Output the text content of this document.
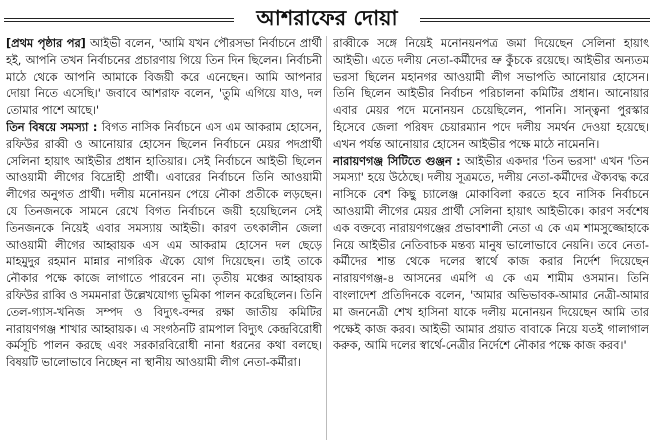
আশরাফের দোয়া

[প্রথম পৃষ্ঠার পর] আইভী বলেন, 'আমি যখন পৌরসভা নির্বাচনে প্রার্থী হই, আপনি তখন নির্বাচনের প্রচারণায় গিয়ে তিন দিন ছিলেন। নির্বাচনী মাঠে থেকে আপনি আমাকে বিজয়ী করে এনেছেন। আমি আপনার দোয়া নিতে এসেছি।' জবাবে আশরাফ বলেন, 'তুমি এগিয়ে যাও, দল তোমার পাশে আছে।'

তিন বিষয়ে সমস্যা : বিগত নাসিক নির্বাচনে এস এম আকরাম হোসেন, রফিউর রাব্বী ও আনোয়ার হোসেন ছিলেন নির্বাচনে মেয়র পদপ্রার্থী সেলিনা হায়াৎ আইভীর প্রধান হাতিয়ার। সেই নির্বাচনে আইভী ছিলেন আওয়ামী লীগের বিদ্রোহী প্রার্থী। এবারের নির্বাচনে তিনি আওয়ামী লীগের অনুগত প্রার্থী। দলীয় মনোনয়ন পেয়ে নৌকা প্রতীকে লড়ছেন। যে তিনজনকে সামনে রেখে বিগত নির্বাচনে জয়ী হয়েছিলেন সেই তিনজনকে নিয়েই এবার সমস্যায় আইভী। কারণ তৎকালীন জেলা আওয়ামী লীগের আহ্বায়ক এস এম আকরাম হোসেন দল ছেড়ে মাহমুদুর রহমান মান্নার নাগরিক ঐক্যে যোগ দিয়েছেন। তাই তাকে নৌকার পক্ষে কাজে লাগাতে পারবেন না। তৃতীয় মঞ্চের আহ্বায়ক রফিউর রাব্বি ও সমমনারা উল্লেখযোগ্য ভূমিকা পালন করেছিলেন। তিনি তেল-গ্যাস-খনিজ সম্পদ ও বিদ্যুৎ-বন্দর রক্ষা জাতীয় কমিটির নারায়ণগঞ্জ শাখার আহ্বায়ক। এ সংগঠনটি রামপাল বিদ্যুৎ কেন্দ্রবিরোধী কর্মসূচি পালন করছে এবং সরকারবিরোধী নানা ধরনের কথা বলছে। বিষয়টি ভালোভাবে নিচ্ছেন না স্থানীয় আওয়ামী লীগ নেতা-কর্মীরা।

রাব্বীকে সঙ্গে নিয়েই মনোনয়নপত্র জমা দিয়েছেন সেলিনা হায়াৎ আইভী। এতে দলীয় নেতা-কর্মীদের ভ্রু কুঁচকে রয়েছে। আইভীর অন্যতম ভরসা ছিলেন মহানগর আওয়ামী লীগ সভাপতি আনোয়ার হোসেন। তিনি ছিলেন আইভীর নির্বাচন পরিচালনা কমিটির প্রধান। আনোয়ার এবার মেয়র পদে মনোনয়ন চেয়েছিলেন, পাননি। সান্ত্বনা পুরস্কার হিসেবে জেলা পরিষদ চেয়ারম্যান পদে দলীয় সমর্থন দেওয়া হয়েছে। এখন পর্যন্ত আনোয়ার হোসেন আইভীর পক্ষে মাঠে নামেননি।

নারায়ণগঞ্জ সিটিতে গুঞ্জন : আইভীর একদার 'তিন ভরসা' এখন 'তিন সমস্যা' হয়ে উঠেছে। দলীয় সূত্রমতে, দলীয় নেতা-কর্মীদের ঐক্যবদ্ধ করে নাসিকে বেশ কিছু চ্যালেঞ্জ মোকাবিলা করতে হবে নাসিক নির্বাচনে আওয়ামী লীগের মেয়র প্রার্থী সেলিনা হায়াৎ আইভীকে। কারণ সর্বশেষ এক বক্তব্যে নারায়ণগঞ্জের প্রভাবশালী নেতা এ কে এম শামসুজ্জোহাকে নিয়ে আইভীর নেতিবাচক মন্তব্য মানুষ ভালোভাবে নেয়নি। তবে নেতা-কর্মীদের শান্ত থেকে দলের স্বার্থে কাজ করার নির্দেশ দিয়েছেন নারায়ণগঞ্জ-৪ আসনের এমপি এ কে এম শামীম ওসমান। তিনি বাংলাদেশ প্রতিদিনকে বলেন, 'আমার অভিভাবক-আমার নেত্রী-আমার মা জননেত্রী শেখ হাসিনা যাকে দলীয় মনোনয়ন দিয়েছেন আমি তার পক্ষেই কাজ করব। আইভী আমার প্রয়াত বাবাকে নিয়ে যতই গালাগাল করুক, আমি দলের স্বার্থে-নেত্রীর নির্দেশে নৌকার পক্ষে কাজ করব।'
